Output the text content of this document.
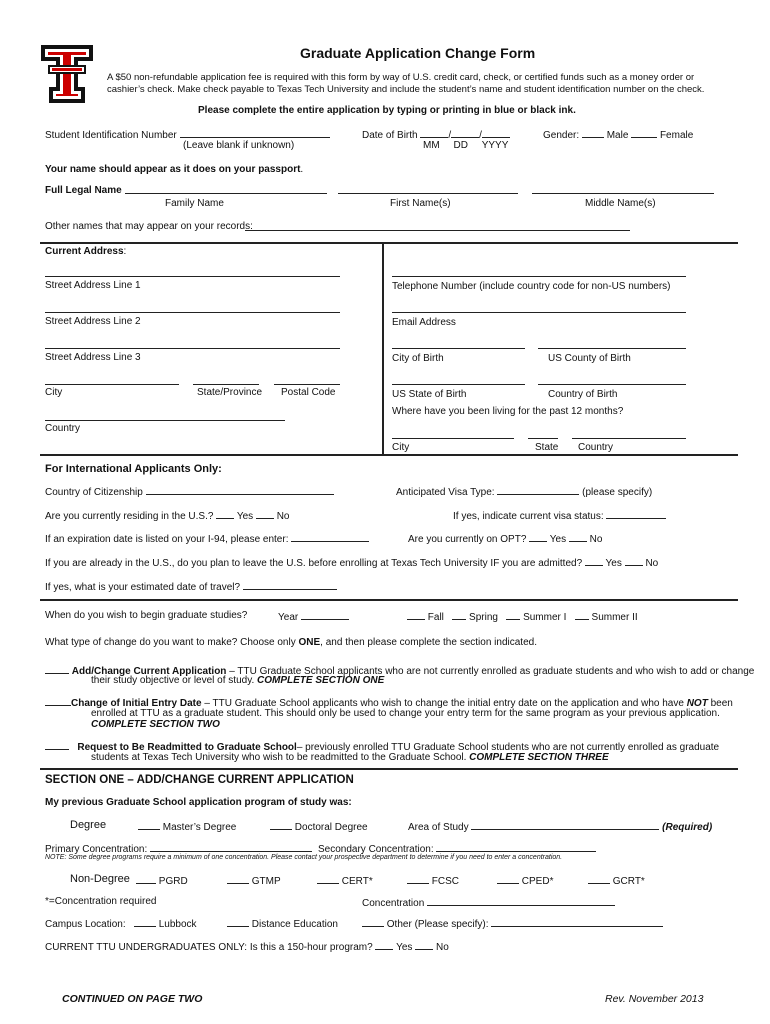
Graduate Application Change Form
A $50 non-refundable application fee is required with this form by way of U.S. credit card, check, or certified funds such as a money order or cashier’s check. Make check payable to Texas Tech University and include the student’s name and student identification number on the check.
Please complete the entire application by typing or printing in blue or black ink.
Student Identification Number
(Leave blank if unknown)
Date of Birth	/	/
MM     DD     YYYY
Gender:	Male	Female
Your name should appear as it does on your passport.
Full Legal Name
Family Name	First Name(s)	Middle Name(s)
Other names that may appear on your records:
Current Address:
Street Address Line 1
Street Address Line 2
Street Address Line 3
City	State/Province Postal Code
Country
Telephone Number (include country code for non-US numbers)
Email Address
City of Birth	US County of Birth
US State of Birth	Country of Birth
Where have you been living for the past 12 months?
City	State Country
For International Applicants Only:
Country of Citizenship	Anticipated Visa Type:	(please specify)
Are you currently residing in the U.S.? Yes No	If yes, indicate current visa status:
If an expiration date is listed on your I-94, please enter:	Are you currently on OPT? Yes No
If you are already in the U.S., do you plan to leave the U.S. before enrolling at Texas Tech University IF you are admitted? Yes No
If yes, what is your estimated date of travel?
When do you wish to begin graduate studies?	Year	Fall	Spring	Summer I	Summer II
What type of change do you want to make? Choose only ONE, and then please complete the section indicated.
Add/Change Current Application – TTU Graduate School applicants who are not currently enrolled as graduate students and who wish to add or change
their study objective or level of study. COMPLETE SECTION ONE
Change of Initial Entry Date – TTU Graduate School applicants who wish to change the initial entry date on the application and who have NOT been
enrolled at TTU as a graduate student. This should only be used to change your entry term for the same program as your previous application.
COMPLETE SECTION TWO
Request to Be Readmitted to Graduate School– previously enrolled TTU Graduate School students who are not currently enrolled as graduate
students at Texas Tech University who wish to be readmitted to the Graduate School. COMPLETE SECTION THREE
SECTION ONE – ADD/CHANGE CURRENT APPLICATION
My previous Graduate School application program of study was:
Degree	Master’s Degree	Doctoral Degree	Area of Study	(Required)
Primary Concentration:	Secondary Concentration:
NOTE: Some degree programs require a minimum of one concentration. Please contact your prospective department to determine if you need to enter a concentration.
Non-Degree	PGRD	GTMP	CERT*	FCSC	CPED*	GCRT*
*=Concentration required	Concentration
Campus Location:	Lubbock	Distance Education	Other (Please specify):
CURRENT TTU UNDERGRADUATES ONLY: Is this a 150-hour program? Yes No
CONTINUED ON PAGE TWO	Rev. November 2013
